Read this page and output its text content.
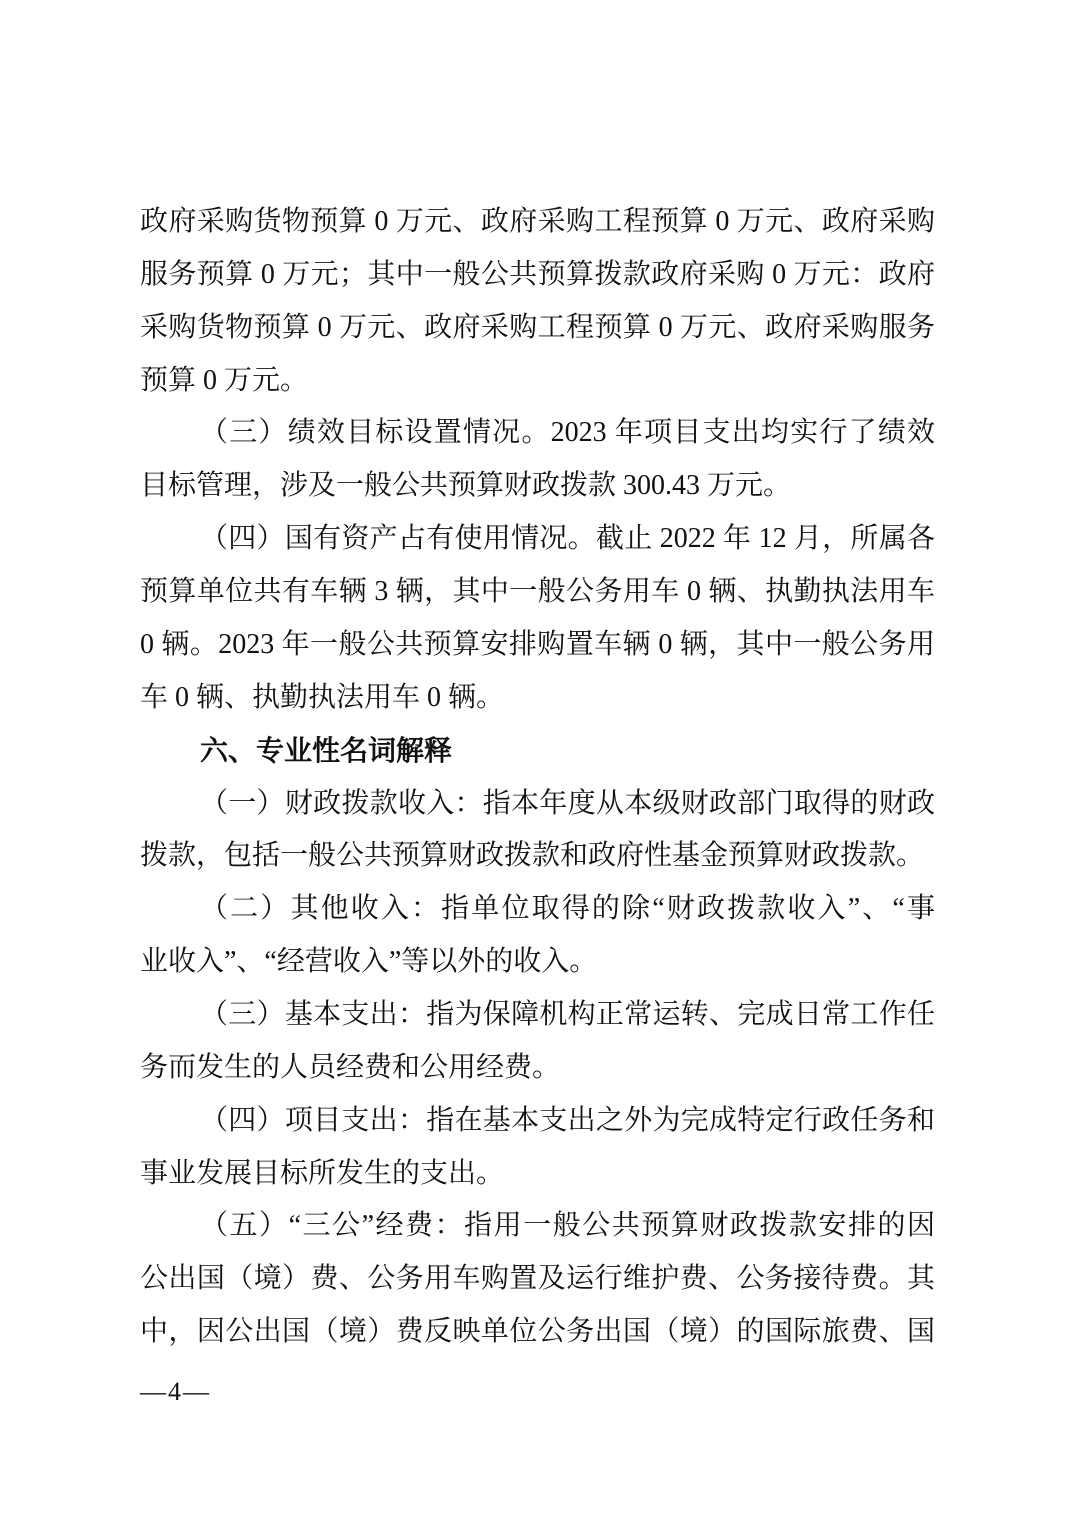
政府采购货物预算 0 万元、政府采购工程预算 0 万元、政府采购
服务预算 0 万元；其中一般公共预算拨款政府采购 0 万元：政府
采购货物预算 0 万元、政府采购工程预算 0 万元、政府采购服务
预算 0 万元。
（三）绩效目标设置情况。2023 年项目支出均实行了绩效
目标管理，涉及一般公共预算财政拨款 300.43 万元。
（四）国有资产占有使用情况。截止 2022 年 12 月，所属各
预算单位共有车辆 3 辆，其中一般公务用车 0 辆、执勤执法用车
0 辆。2023 年一般公共预算安排购置车辆 0 辆，其中一般公务用
车 0 辆、执勤执法用车 0 辆。
六、专业性名词解释
（一）财政拨款收入：指本年度从本级财政部门取得的财政
拨款，包括一般公共预算财政拨款和政府性基金预算财政拨款。
（二）其他收入：指单位取得的除“财政拨款收入”、“事
业收入”、“经营收入”等以外的收入。
（三）基本支出：指为保障机构正常运转、完成日常工作任
务而发生的人员经费和公用经费。
（四）项目支出：指在基本支出之外为完成特定行政任务和
事业发展目标所发生的支出。
（五）“三公”经费：指用一般公共预算财政拨款安排的因
公出国（境）费、公务用车购置及运行维护费、公务接待费。其
中，因公出国（境）费反映单位公务出国（境）的国际旅费、国
—4—
